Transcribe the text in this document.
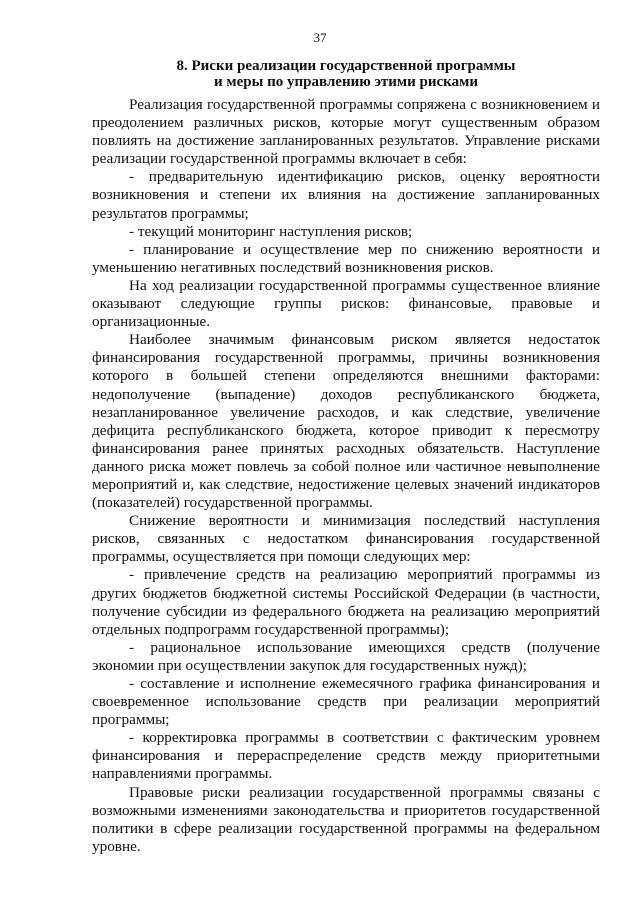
37
8. Риски реализации государственной программы
и меры по управлению этими рисками

Реализация государственной программы сопряжена с возникновением и преодолением различных рисков, которые могут существенным образом повлиять на достижение запланированных результатов. Управление рисками реализации государственной программы включает в себя:

- предварительную идентификацию рисков, оценку вероятности возникновения и степени их влияния на достижение запланированных результатов программы;

- текущий мониторинг наступления рисков;

- планирование и осуществление мер по снижению вероятности и уменьшению негативных последствий возникновения рисков.

На ход реализации государственной программы существенное влияние оказывают следующие группы рисков: финансовые, правовые и организационные.

Наиболее значимым финансовым риском является недостаток финансирования государственной программы, причины возникновения которого в большей степени определяются внешними факторами: недополучение (выпадение) доходов республиканского бюджета, незапланированное увеличение расходов, и как следствие, увеличение дефицита республиканского бюджета, которое приводит к пересмотру финансирования ранее принятых расходных обязательств. Наступление данного риска может повлечь за собой полное или частичное невыполнение мероприятий и, как следствие, недостижение целевых значений индикаторов (показателей) государственной программы.

Снижение вероятности и минимизация последствий наступления рисков, связанных с недостатком финансирования государственной программы, осуществляется при помощи следующих мер:

- привлечение средств на реализацию мероприятий программы из других бюджетов бюджетной системы Российской Федерации (в частности, получение субсидии из федерального бюджета на реализацию мероприятий отдельных подпрограмм государственной программы);

- рациональное использование имеющихся средств (получение экономии при осуществлении закупок для государственных нужд);

- составление и исполнение ежемесячного графика финансирования и своевременное использование средств при реализации мероприятий программы;

- корректировка программы в соответствии с фактическим уровнем финансирования и перераспределение средств между приоритетными направлениями программы.

Правовые риски реализации государственной программы связаны с возможными изменениями законодательства и приоритетов государственной политики в сфере реализации государственной программы на федеральном уровне.
